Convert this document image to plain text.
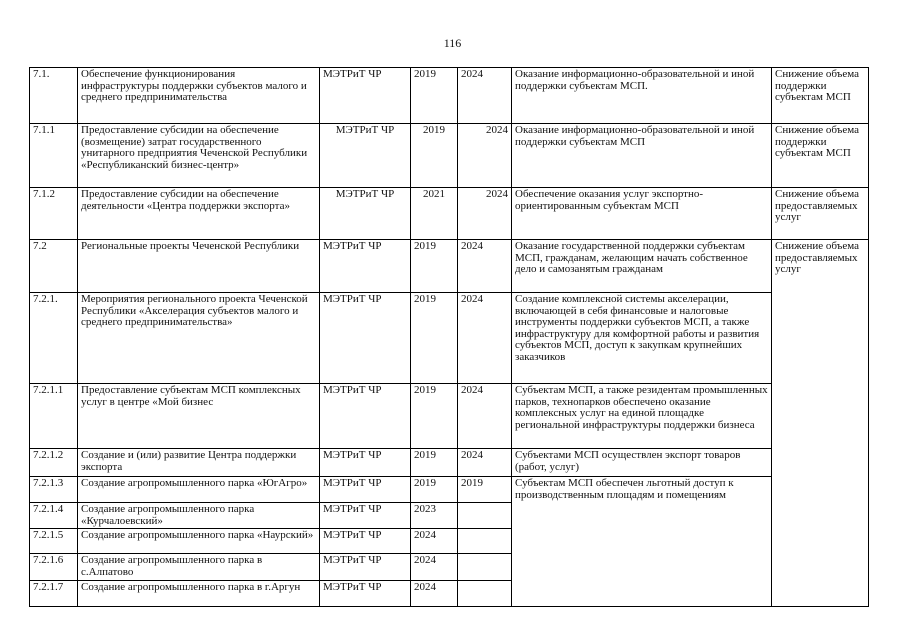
116
7.1.	Обеспечение функционирования инфраструктуры поддержки субъектов малого и среднего предпринимательства	МЭТРиТ ЧР	2019	2024	Оказание информационно-образовательной и иной поддержки субъектам МСП.	Снижение объема поддержки субъектам МСП
7.1.1	Предоставление субсидии на обеспечение (возмещение) затрат государственного унитарного предприятия Чеченской Республики «Республиканский бизнес-центр»	МЭТРиТ ЧР	2019	2024	Оказание информационно-образовательной и иной поддержки субъектам МСП	Снижение объема поддержки субъектам МСП
7.1.2	Предоставление субсидии на обеспечение деятельности «Центра поддержки экспорта»	МЭТРиТ ЧР	2021	2024	Обеспечение оказания услуг экспортно-ориентированным субъектам МСП	Снижение объема предоставляемых услуг
7.2	Региональные проекты Чеченской Республики	МЭТРиТ ЧР	2019	2024	Оказание государственной поддержки субъектам МСП, гражданам, желающим начать собственное дело и самозанятым гражданам	Снижение объема предоставляемых услуг
7.2.1.	Мероприятия регионального проекта Чеченской Республики «Акселерация субъектов малого и среднего предпринимательства»	МЭТРиТ ЧР	2019	2024	Создание комплексной системы акселерации, включающей в себя финансовые и налоговые инструменты поддержки субъектов МСП, а также инфраструктуру для комфортной работы и развития субъектов МСП, доступ к закупкам крупнейших заказчиков	
7.2.1.1	Предоставление субъектам МСП комплексных услуг в центре «Мой бизнес	МЭТРиТ ЧР	2019	2024	Субъектам МСП, а также резидентам промышленных парков, технопарков обеспечено оказание комплексных услуг на единой площадке региональной инфраструктуры поддержки бизнеса	
7.2.1.2	Создание и (или) развитие Центра поддержки экспорта	МЭТРиТ ЧР	2019	2024	Субъектами МСП осуществлен экспорт товаров (работ, услуг)	
7.2.1.3	Создание агропромышленного парка «ЮгАгро»	МЭТРиТ ЧР	2019	2019	Субъектам МСП обеспечен льготный доступ к производственным площадям и помещениям	
7.2.1.4	Создание агропромышленного парка «Курчалоевский»	МЭТРиТ ЧР	2023			
7.2.1.5	Создание агропромышленного парка «Наурский»	МЭТРиТ ЧР	2024			
7.2.1.6	Создание агропромышленного парка в с.Алпатово	МЭТРиТ ЧР	2024			
7.2.1.7	Создание агропромышленного парка в г.Аргун	МЭТРиТ ЧР	2024			
